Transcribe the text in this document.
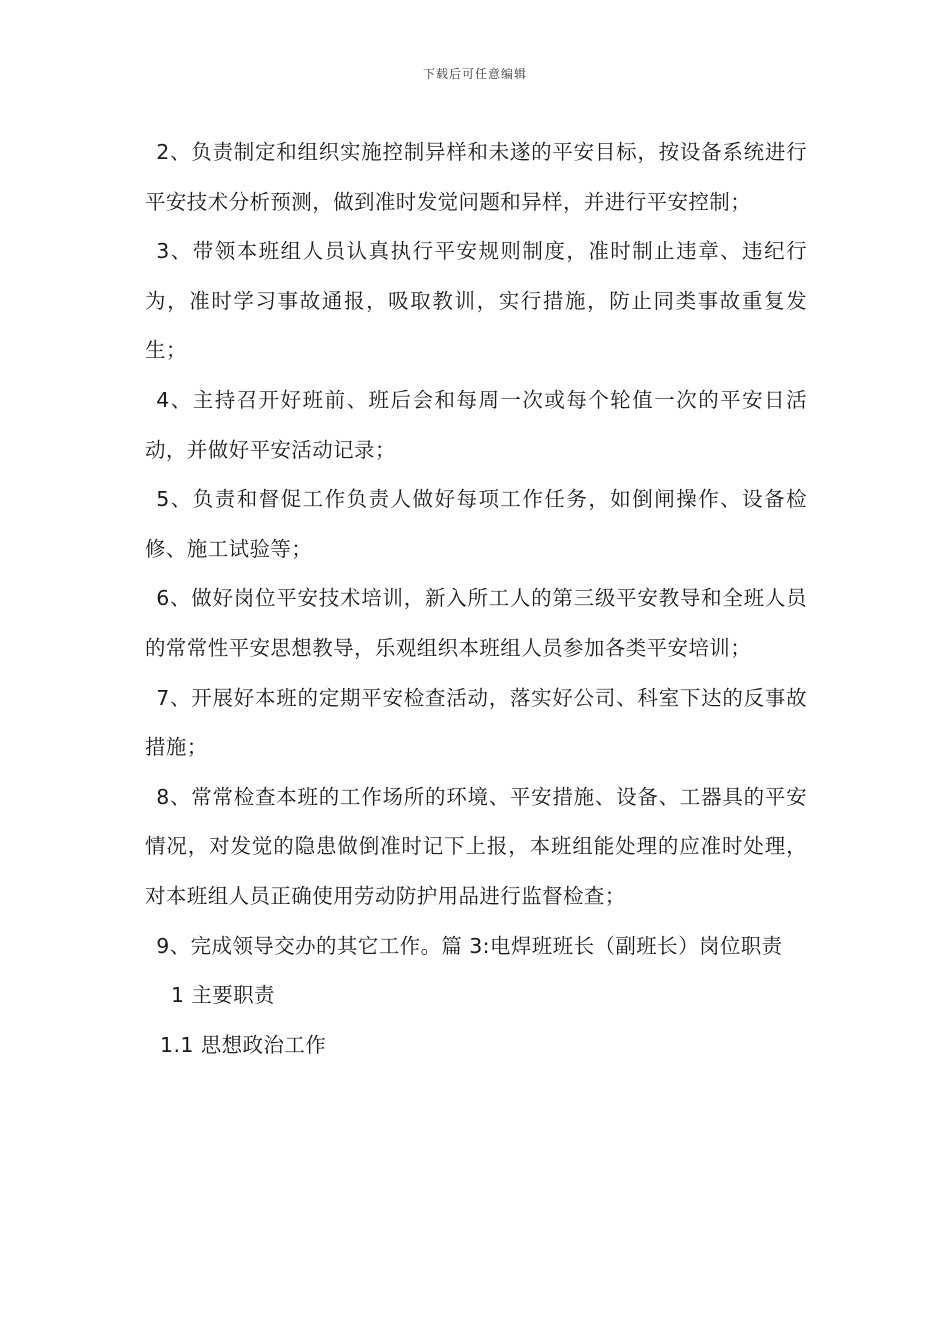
下载后可任意编辑

2、负责制定和组织实施控制异样和未遂的平安目标，按设备系统进行平安技术分析预测，做到准时发觉问题和异样，并进行平安控制；

3、带领本班组人员认真执行平安规则制度，准时制止违章、违纪行为，准时学习事故通报，吸取教训，实行措施，防止同类事故重复发生；

4、主持召开好班前、班后会和每周一次或每个轮值一次的平安日活动，并做好平安活动记录；

5、负责和督促工作负责人做好每项工作任务，如倒闸操作、设备检修、施工试验等；

6、做好岗位平安技术培训，新入所工人的第三级平安教导和全班人员的常常性平安思想教导，乐观组织本班组人员参加各类平安培训；

7、开展好本班的定期平安检查活动，落实好公司、科室下达的反事故措施；

8、常常检查本班的工作场所的环境、平安措施、设备、工器具的平安情况，对发觉的隐患做倒准时记下上报，本班组能处理的应准时处理，对本班组人员正确使用劳动防护用品进行监督检查；

9、完成领导交办的其它工作。篇 3:电焊班班长（副班长）岗位职责

1 主要职责

1.1 思想政治工作
